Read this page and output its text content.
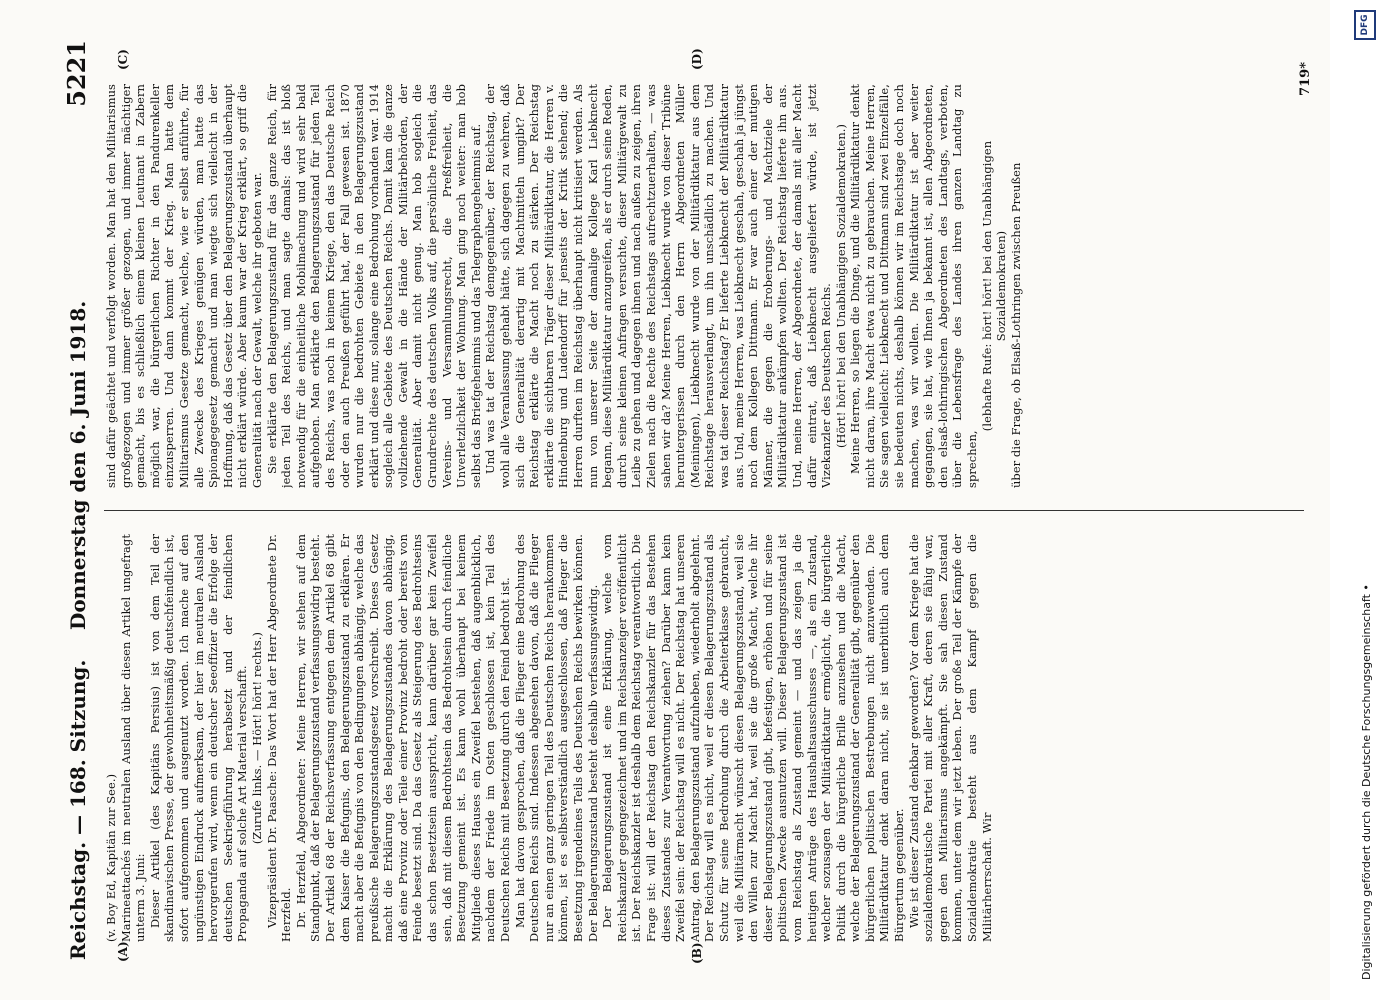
Reichstag. — 168. Sitzung.
Donnerstag den 6. Juni 1918.
5221
(A)	(B)
(C)	(D)

(v. Boy Ed, Kapitän zur See.) Marineattachés im neutralen Ausland über diesen Artikel ungefragt unterm 3. Juni: Dieser Artikel (des Kapitäns Persius) ist von dem Teil der skandinavischen Presse, der gewohnheitsmäßig deutschfeindlich ist, sofort aufgenommen und ausgenutzt worden. Ich mache auf den ungünstigen Eindruck aufmerksam, der hier im neutralen Ausland hervorgerufen wird, wenn ein deutscher Seeoffizier die Erfolge der deutschen Seekriegführung herabsetzt und der feindlichen Propaganda auf solche Art Material verschafft. (Zurufe links. — Hört! hört! rechts.) Vizepräsident Dr. Paasche: Das Wort hat der Herr Abgeordnete Dr. Herzfeld. Dr. Herzfeld, Abgeordneter: Meine Herren, wir stehen auf dem Standpunkt, daß der Belagerungszustand verfassungswidrig besteht. Der Artikel 68 der Reichsverfassung entgegen dem Artikel 68 gibt dem Kaiser die Befugnis, den Belagerungszustand zu erklären. Er macht aber die Befugnis von den Bedingungen abhängig, welche das preußische Belagerungszustandsgesetz vorschreibt. Dieses Gesetz macht die Erklärung des Belagerungszustandes davon abhängig, daß eine Provinz oder Teile einer Provinz bedroht oder bereits von Feinde besetzt sind. Da das Gesetz als Steigerung des Bedrohtseins das schon Besetztsein ausspricht, kann darüber gar kein Zweifel sein, daß mit diesem Bedrohtsein das Bedrohtsein durch feindliche Besetzung gemeint ist. Es kann wohl überhaupt bei keinem Mitgliede dieses Hauses ein Zweifel bestehen, daß augenblicklich, nachdem der Friede im Osten geschlossen ist, kein Teil des Deutschen Reichs mit Besetzung durch den Feind bedroht ist. Man hat davon gesprochen, daß die Flieger eine Bedrohung des Deutschen Reichs sind. Indessen abgesehen davon, daß die Flieger nur an einen ganz geringen Teil des Deutschen Reichs herankommen können, ist es selbstverständlich ausgeschlossen, daß Flieger die Besetzung irgendeines Teils des Deutschen Reichs bewirken können. Der Belagerungszustand besteht deshalb verfassungswidrig. Der Belagerungszustand ist eine Erklärung, welche vom Reichskanzler gegengezeichnet und im Reichsanzeiger veröffentlicht ist. Der Reichskanzler ist deshalb dem Reichstag verantwortlich. Die Frage ist: will der Reichstag den Reichskanzler für das Bestehen dieses Zustandes zur Verantwortung ziehen? Darüber kann kein Zweifel sein: der Reichstag will es nicht. Der Reichstag hat unseren Antrag, den Belagerungszustand aufzuheben, wiederholt abgelehnt. Der Reichstag will es nicht, weil er diesen Belagerungszustand als Schutz für seine Bedrohung durch die Arbeiterklasse gebraucht, weil die Militärmacht wünscht diesen Belagerungszustand, weil sie den Willen zur Macht hat, weil sie die große Macht, welche ihr dieser Belagerungszustand gibt, befestigen, erhöhen und für seine politischen Zwecke ausnutzen will. Dieser Belagerungszustand ist vom Reichstag als Zustand gemeint — und das zeigen ja die heutigen Anträge des Haushaltsausschusses —, als ein Zustand, welcher sozusagen der Militärdiktatur ermöglicht, die bürgerliche Politik durch die bürgerliche Brille anzusehen und die Macht, welche der Belagerungszustand der Generalität gibt, gegenüber den bürgerlichen politischen Bestrebungen nicht anzuwenden. Die Militärdiktatur denkt daran nicht, sie ist unerbittlich auch dem Bürgertum gegenüber. Wie ist dieser Zustand denkbar geworden? Vor dem Kriege hat die sozialdemokratische Partei mit aller Kraft, deren sie fähig war, gegen den Militarismus angekämpft. Sie sah diesen Zustand kommen, unter dem wir jetzt leben. Der große Teil der Kämpfe der Sozialdemokratie besteht aus dem Kampf gegen die Militärherrschaft. Wir

sind dafür geächtet und verfolgt worden. Man hat den Militarismus großgezogen und immer größer gezogen, und immer mächtiger gemacht, bis es schließlich einem kleinen Leutnant in Zabern möglich war, die bürgerlichen Richter in den Pandurenkeller einzusperren. Und dann kommt der Krieg. Man hatte dem Militarismus Gesetze gemacht, welche, wie er selbst anführte, für alle Zwecke des Krieges genügen würden, man hatte das Spionagegesetz gemacht und man wiegte sich vielleicht in der Hoffnung, daß das Gesetz über den Belagerungszustand überhaupt nicht erklärt würde. Aber kaum war der Krieg erklärt, so griff die Generalität nach der Gewalt, welche ihr geboten war. Sie erklärte den Belagerungszustand für das ganze Reich, für jeden Teil des Reichs, und man sagte damals: das ist bloß notwendig für die einheitliche Mobilmachung und wird sehr bald aufgehoben. Man erklärte den Belagerungszustand für jeden Teil des Reichs, was noch in keinem Kriege, den das Deutsche Reich oder den auch Preußen geführt hat, der Fall gewesen ist. 1870 wurden nur die bedrohten Gebiete in den Belagerungszustand erklärt und diese nur, solange eine Bedrohung vorhanden war. 1914 sogleich alle Gebiete des Deutschen Reichs. Damit kam die ganze vollziehende Gewalt in die Hände der Militärbehörden, der Generalität. Aber damit nicht genug. Man hob sogleich die Grundrechte des deutschen Volks auf, die persönliche Freiheit, das Vereins- und Versammlungsrecht, die Preßfreiheit, die Unverletzlichkeit der Wohnung. Man ging noch weiter: man hob selbst das Briefgeheimnis und das Telegraphengeheimnis auf. Und was tat der Reichstag demgegenüber, der Reichstag, der wohl alle Veranlassung gehabt hätte, sich dagegen zu wehren, daß sich die Generalität derartig mit Machtmitteln umgibt? Der Reichstag erklärte die Macht noch zu stärken. Der Reichstag erklärte die sichtbaren Träger dieser Militärdiktatur, die Herren v. Hindenburg und Ludendorff für jenseits der Kritik stehend; die Herren durften im Reichstag überhaupt nicht kritisiert werden. Als nun von unserer Seite der damalige Kollege Karl Liebknecht begann, diese Militärdiktatur anzugreifen, als er durch seine Reden, durch seine kleinen Anfragen versuchte, dieser Militärgewalt zu Leibe zu gehen und dagegen ihnen und nach außen zu zeigen, ihren Zielen nach die Rechte des Reichstags aufrechtzuerhalten, — was sahen wir da? Meine Herren, Liebknecht wurde von dieser Tribüne heruntergerissen durch den Herrn Abgeordneten Müller (Meiningen), Liebknecht wurde von der Militärdiktatur aus dem Reichstage herausverlangt, um ihn unschädlich zu machen. Und was tat dieser Reichstag? Er lieferte Liebknecht der Militärdiktatur aus. Und, meine Herren, was Liebknecht geschah, geschah ja jüngst noch dem Kollegen Dittmann. Er war auch einer der mutigen Männer, die gegen die Eroberungs- und Machtziele der Militärdiktatur ankämpfen wollten. Der Reichstag lieferte ihn aus. Und, meine Herren, der Abgeordnete, der damals mit aller Macht dafür eintrat, daß Liebknecht ausgeliefert würde, ist jetzt Vizekanzler des Deutschen Reichs. (Hört! hört! bei den Unabhängigen Sozialdemokraten.) Meine Herren, so liegen die Dinge, und die Militärdiktatur denkt nicht daran, ihre Macht etwa nicht zu gebrauchen. Meine Herren, Sie sagen vielleicht: Liebknecht und Dittmann sind zwei Einzelfälle, sie bedeuten nichts, deshalb können wir im Reichstage doch noch machen, was wir wollen. Die Militärdiktatur ist aber weiter gegangen, sie hat, wie Ihnen ja bekannt ist, allen Abgeordneten, den elsaß-lothringischen Abgeordneten des Landtags, verboten, über die Lebensfrage des Landes ihren ganzen Landtag zu sprechen,

(lebhafte Rufe: hört! hört! bei den Unabhängigen Sozialdemokraten) über die Frage, ob Elsaß-Lothringen zwischen Preußen

719*
Digitalisierung gefördert durch die Deutsche Forschungsgemeinschaft •
DFG
